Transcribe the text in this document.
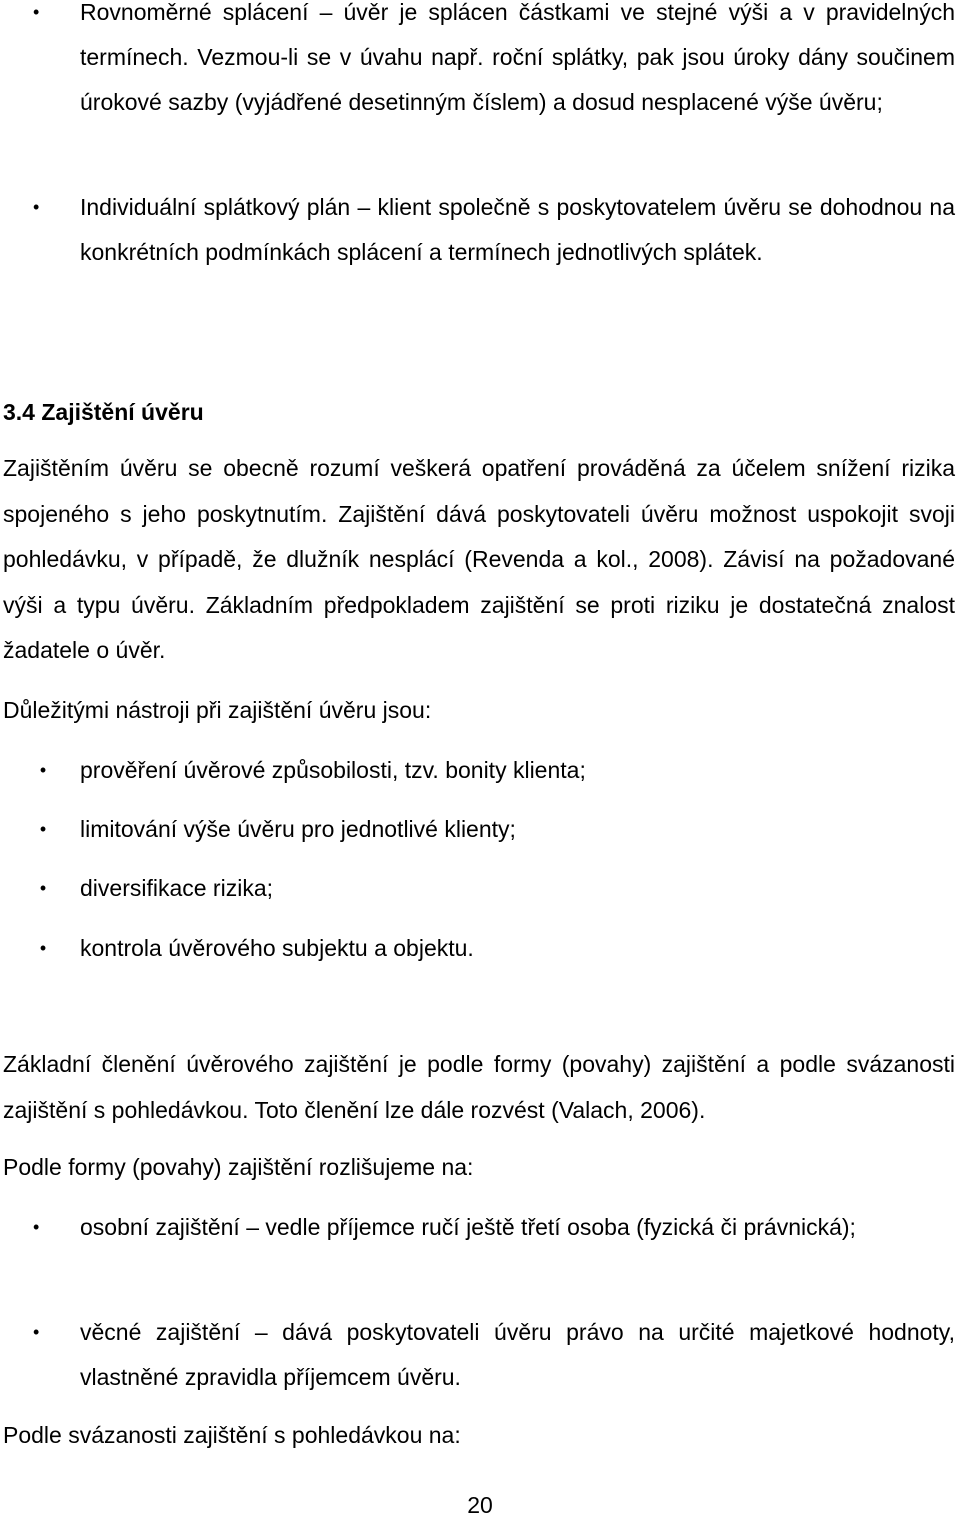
•	Rovnoměrné splácení – úvěr je splácen částkami ve stejné výši a v pravidelných termínech. Vezmou-li se v úvahu např. roční splátky, pak jsou úroky dány součinem úrokové sazby (vyjádřené desetinným číslem) a dosud nesplacené výše úvěru;
•	Individuální splátkový plán – klient společně s poskytovatelem úvěru se dohodnou na konkrétních podmínkách splácení a termínech jednotlivých splátek.
3.4 Zajištění úvěru
Zajištěním úvěru se obecně rozumí veškerá opatření prováděná za účelem snížení rizika spojeného s jeho poskytnutím. Zajištění dává poskytovateli úvěru možnost uspokojit svoji pohledávku, v případě, že dlužník nesplácí (Revenda a kol., 2008). Závisí na požadované výši a typu úvěru. Základním předpokladem zajištění se proti riziku je dostatečná znalost žadatele o úvěr.
Důležitými nástroji při zajištění úvěru jsou:
• prověření úvěrové způsobilosti, tzv. bonity klienta;
• limitování výše úvěru pro jednotlivé klienty;
• diversifikace rizika;
• kontrola úvěrového subjektu a objektu.
Základní členění úvěrového zajištění je podle formy (povahy) zajištění a podle svázanosti zajištění s pohledávkou. Toto členění lze dále rozvést (Valach, 2006).
Podle formy (povahy) zajištění rozlišujeme na:
•	osobní zajištění – vedle příjemce ručí ještě třetí osoba (fyzická či právnická);
•	věcné zajištění – dává poskytovateli úvěru právo na určité majetkové hodnoty, vlastněné zpravidla příjemcem úvěru.
Podle svázanosti zajištění s pohledávkou na:
20
